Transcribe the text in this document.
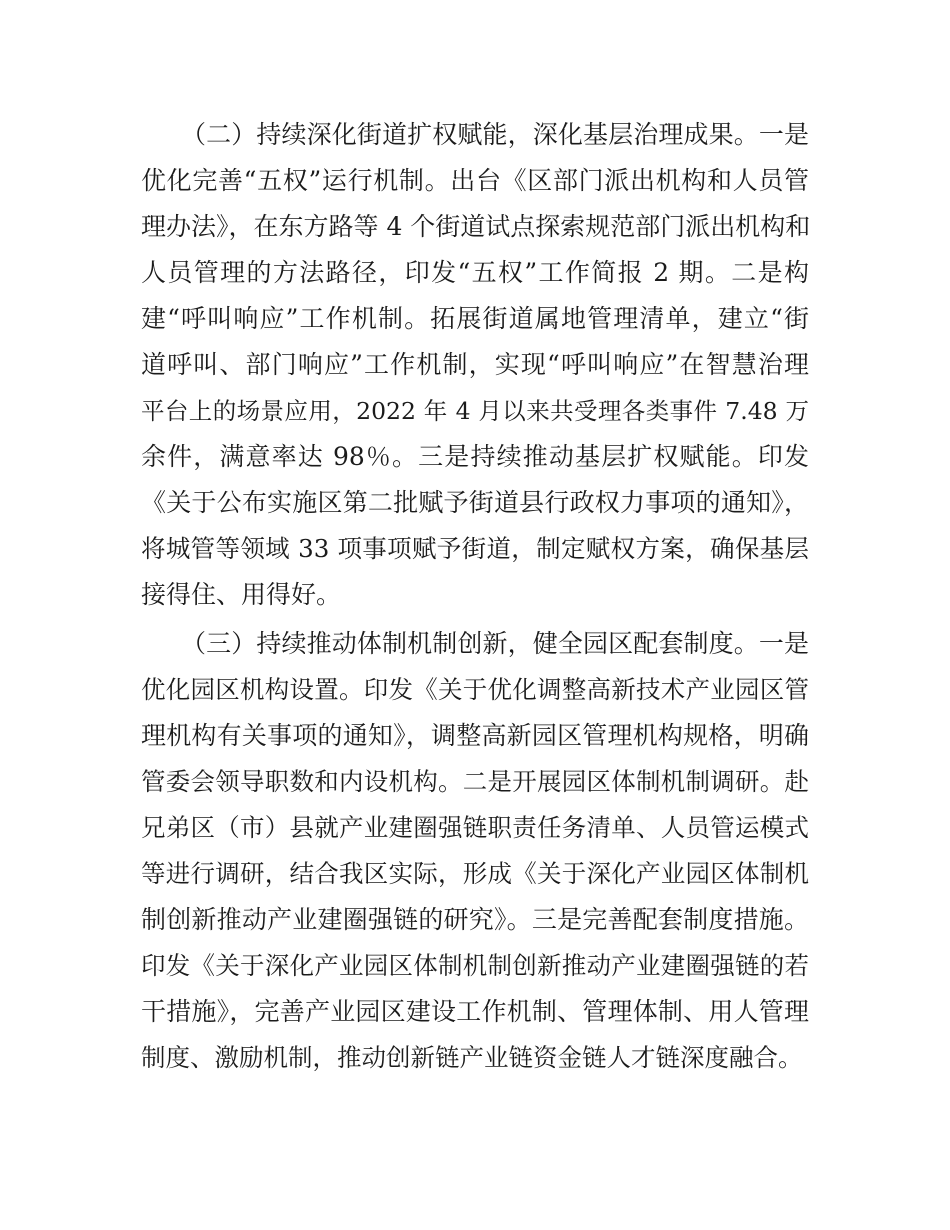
（二）持续深化街道扩权赋能，深化基层治理成果。一是

优化完善“五权”运行机制。出台《区部门派出机构和人员管

理办法》，在东方路等 4 个街道试点探索规范部门派出机构和

人员管理的方法路径，印发“五权”工作简报 2 期。二是构

建“呼叫响应”工作机制。拓展街道属地管理清单，建立“街

道呼叫、部门响应”工作机制，实现“呼叫响应”在智慧治理

平台上的场景应用，2022 年 4 月以来共受理各类事件 7.48 万

余件，满意率达 98％。三是持续推动基层扩权赋能。印发

《关于公布实施区第二批赋予街道县行政权力事项的通知》，

将城管等领域 33 项事项赋予街道，制定赋权方案，确保基层

接得住、用得好。

（三）持续推动体制机制创新，健全园区配套制度。一是

优化园区机构设置。印发《关于优化调整高新技术产业园区管

理机构有关事项的通知》，调整高新园区管理机构规格，明确

管委会领导职数和内设机构。二是开展园区体制机制调研。赴

兄弟区（市）县就产业建圈强链职责任务清单、人员管运模式

等进行调研，结合我区实际，形成《关于深化产业园区体制机

制创新推动产业建圈强链的研究》。三是完善配套制度措施。

印发《关于深化产业园区体制机制创新推动产业建圈强链的若

干措施》，完善产业园区建设工作机制、管理体制、用人管理

制度、激励机制，推动创新链产业链资金链人才链深度融合。
